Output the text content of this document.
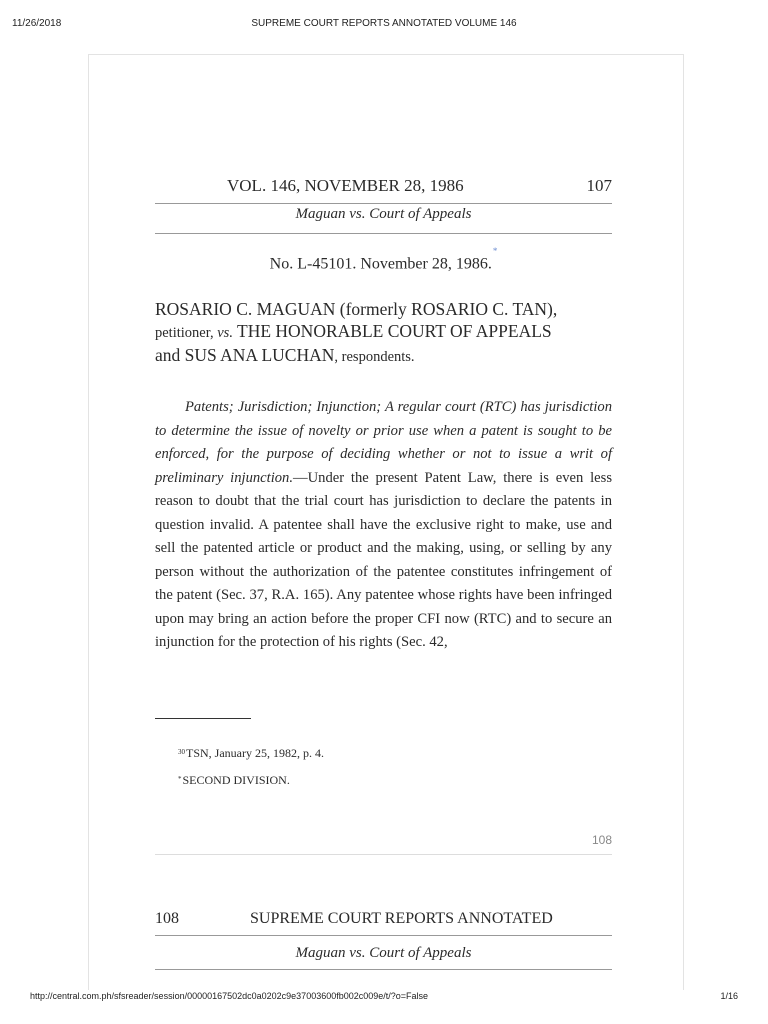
11/26/2018	SUPREME COURT REPORTS ANNOTATED VOLUME 146
VOL. 146, NOVEMBER 28, 1986	107
Maguan vs. Court of Appeals
No. L-45101. November 28, 1986.*
ROSARIO C. MAGUAN (formerly ROSARIO C. TAN),
petitioner, vs. THE HONORABLE COURT OF APPEALS
and SUS ANA LUCHAN, respondents.
Patents; Jurisdiction; Injunction; A regular court (RTC) has jurisdiction to determine the issue of novelty or prior use when a patent is sought to be enforced, for the purpose of deciding whether or not to issue a writ of preliminary injunction.—Under the present Patent Law, there is even less reason to doubt that the trial court has jurisdiction to declare the patents in question invalid. A patentee shall have the exclusive right to make, use and sell the patented article or product and the making, using, or selling by any person without the authorization of the patentee constitutes infringement of the patent (Sec. 37, R.A. 165). Any patentee whose rights have been infringed upon may bring an action before the proper CFI now (RTC) and to secure an injunction for the protection of his rights (Sec. 42,
$^{30}$TSN, January 25, 1982, p. 4.
*SECOND DIVISION.
108
108	SUPREME COURT REPORTS ANNOTATED
Maguan vs. Court of Appeals
http://central.com.ph/sfsreader/session/00000167502dc0a0202c9e37003600fb002c009e/t/?o=False	1/16
